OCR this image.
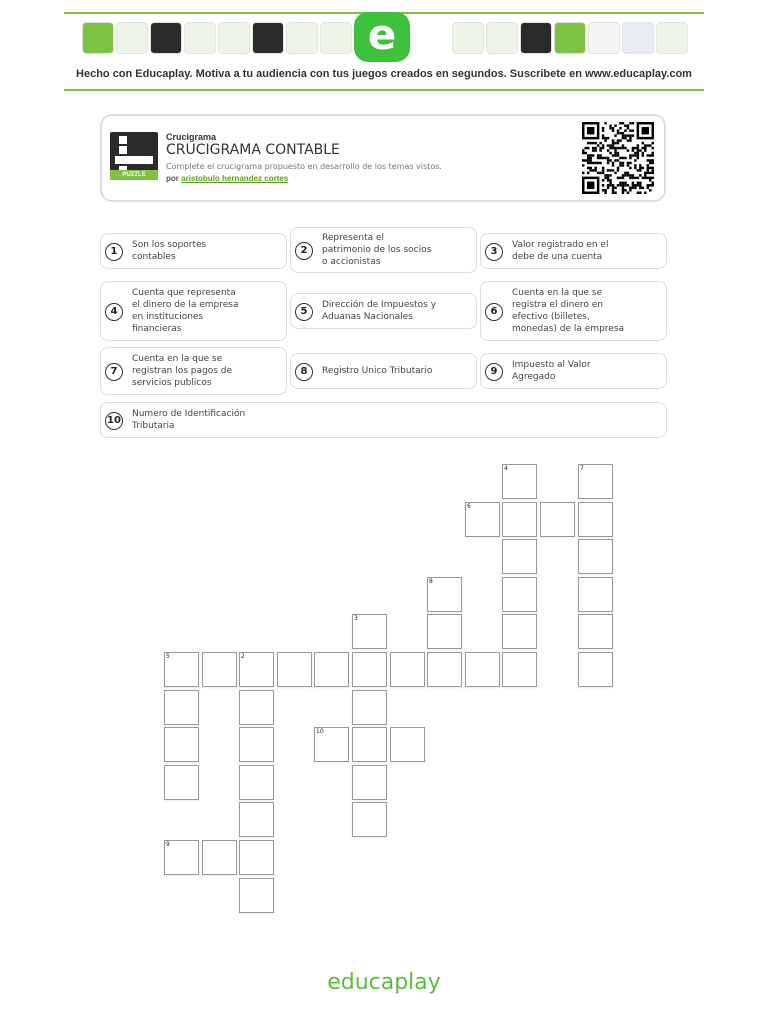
e
Hecho con Educaplay. Motiva a tu audiencia con tus juegos creados en segundos. Suscribete en www.educaplay.com
PUZZLE
Crucigrama
CRUCIGRAMA CONTABLE
Complete el crucigrama propuesto en desarrollo de los temas vistos.
por aristobulo hernandez cortes
1
Son los soportes
contables
2
Representa el
patrimonio de los socios
o accionistas
3
Valor registrado en el
debe de una cuenta
4
Cuenta que representa
el dinero de la empresa
en instituciones
financieras
5
Dirección de Impuestos y
Aduanas Nacionales	6
Cuenta en la que se
registra el dinero en
efectivo (billetes,
monedas) de la empresa
7
Cuenta en la que se
registran los pagos de
servicios publicos
8	Registro Unico Tributario	9
Impuesto al Valor
Agregado
10
Numero de Identificación
Tributaria
4	7
6
8
3
5	2
10
9
educaplay
